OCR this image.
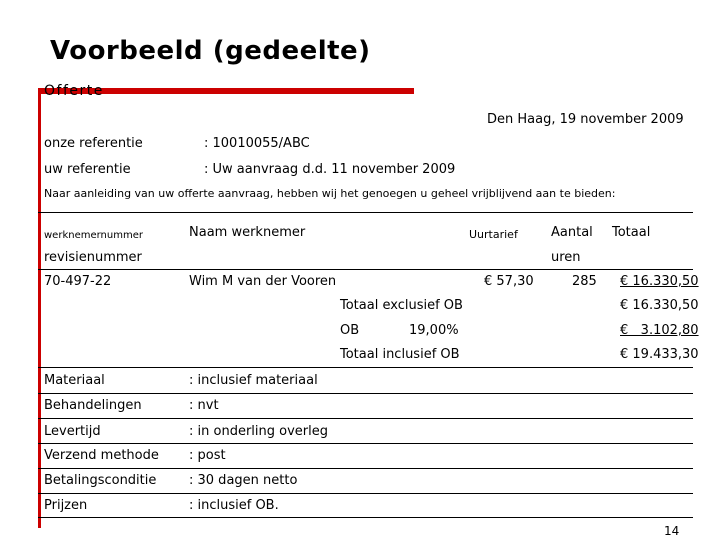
Voorbeeld (gedeelte)
Offerte
Den Haag, 19 november 2009
onze referentie	: 10010055/ABC
uw referentie	: Uw aanvraag d.d. 11 november 2009
Naar aanleiding van uw offerte aanvraag, hebben wij het genoegen u geheel vrijblijvend aan te bieden:
werknemernummer	Naam werknemer	Uurtarief	Aantal Totaal
revisienummer	uren
70-497-22	Wim M van der Vooren	€ 57,30	285 € 16.330,50
Totaal exclusief OB	€ 16.330,50
OB	19,00%	€   3.102,80
Totaal inclusief OB	€ 19.433,30
Materiaal	: inclusief materiaal
Behandelingen	: nvt
Levertijd	: in onderling overleg
Verzend methode : post
Betalingsconditie	: 30 dagen netto
Prijzen	: inclusief OB.
14
